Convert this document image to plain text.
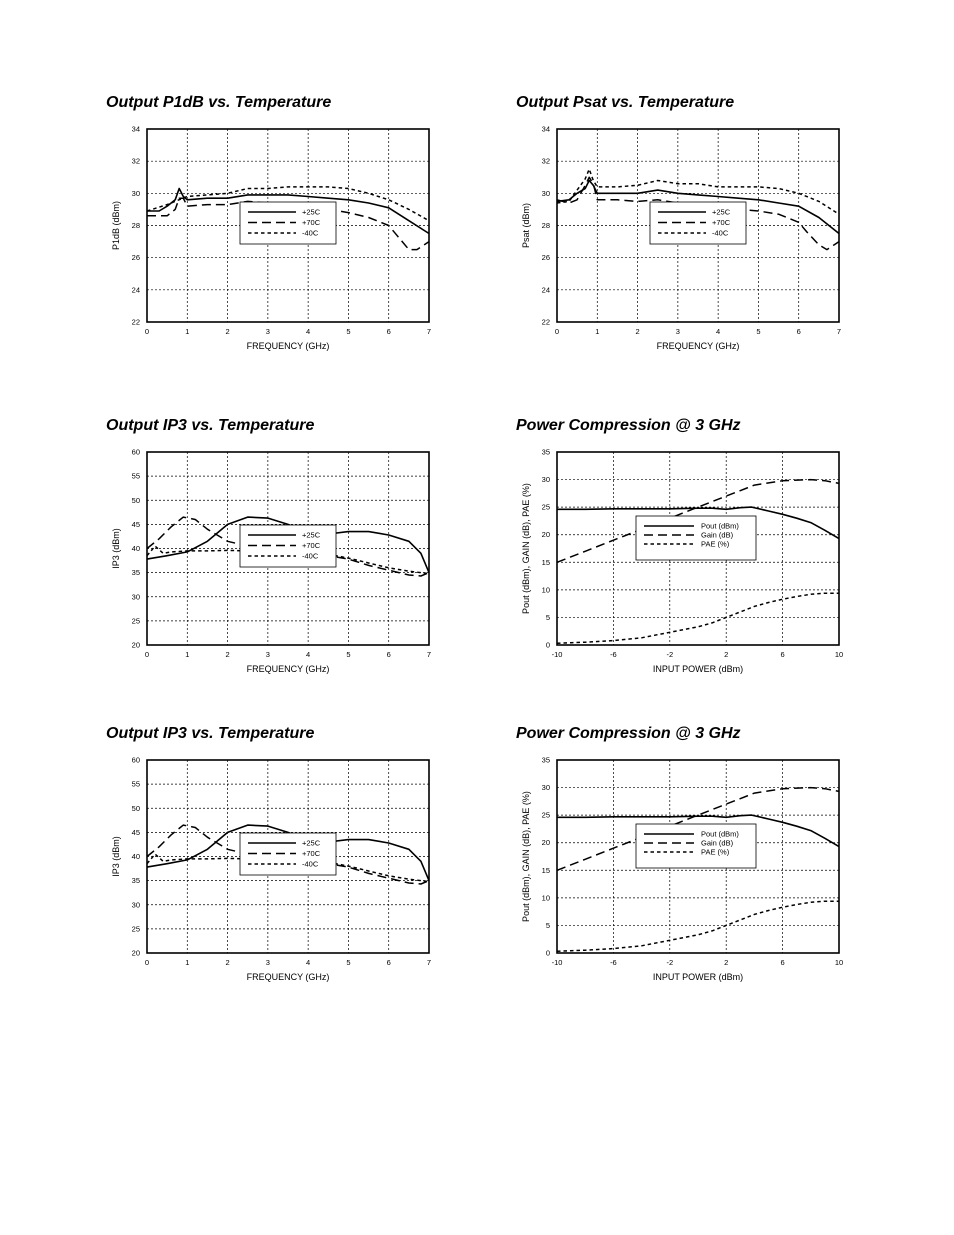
Output P1dB vs. Temperature
0	1	2	3	4	5	6	7
22
24
26
28
30
32
34
FREQUENCY (GHz)
P1dB (dBm)	+25C
+70C
-40C
Output Psat vs. Temperature
0	1	2	3	4	5	6	7
22
24
26
28
30
32
34
FREQUENCY (GHz)
Psat (dBm)	+25C
+70C
-40C
Output IP3 vs. Temperature
0	1	2	3	4	5	6	7
20
25
30
35
40
45
50
55
60
FREQUENCY (GHz)
IP3 (dBm)	+25C
+70C
-40C
Power Compression @ 3 GHz
-10	-6	-2	2	6	10
0
5
10
15
20
25
30
35
INPUT POWER (dBm)
Pout (dBm), GAIN (dB), PAE (%)	Pout (dBm)
Gain (dB)
PAE (%)
Output IP3 vs. Temperature
0	1	2	3	4	5	6	7
20
25
30
35
40
45
50
55
60
FREQUENCY (GHz)
IP3 (dBm)	+25C
+70C
-40C
Power Compression @ 3 GHz
-10	-6	-2	2	6	10
0
5
10
15
20
25
30
35
INPUT POWER (dBm)
Pout (dBm), GAIN (dB), PAE (%)	Pout (dBm)
Gain (dB)
PAE (%)
